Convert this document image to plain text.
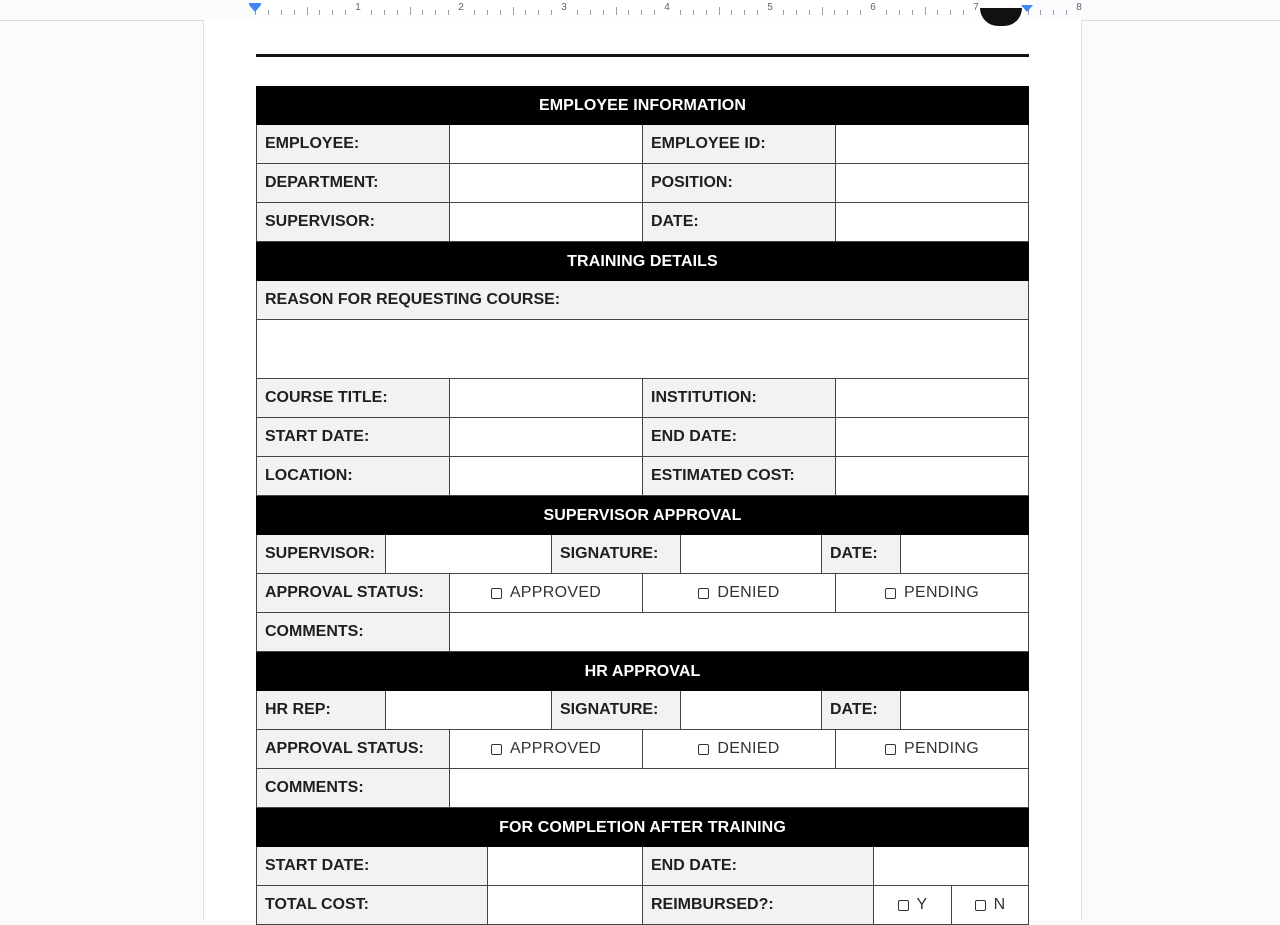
1	2	3	4	5	6	7	8
EMPLOYEE INFORMATION
EMPLOYEE:	EMPLOYEE ID:
DEPARTMENT:	POSITION:
SUPERVISOR:	DATE:
TRAINING DETAILS
REASON FOR REQUESTING COURSE:
COURSE TITLE:	INSTITUTION:
START DATE:	END DATE:
LOCATION:	ESTIMATED COST:
SUPERVISOR APPROVAL
SUPERVISOR:	SIGNATURE:	DATE:
APPROVAL STATUS:	APPROVED	DENIED	PENDING
COMMENTS:
HR APPROVAL
HR REP:	SIGNATURE:	DATE:
APPROVAL STATUS:	APPROVED	DENIED	PENDING
COMMENTS:
FOR COMPLETION AFTER TRAINING
START DATE:	END DATE:
TOTAL COST:	REIMBURSED?:	Y	N
